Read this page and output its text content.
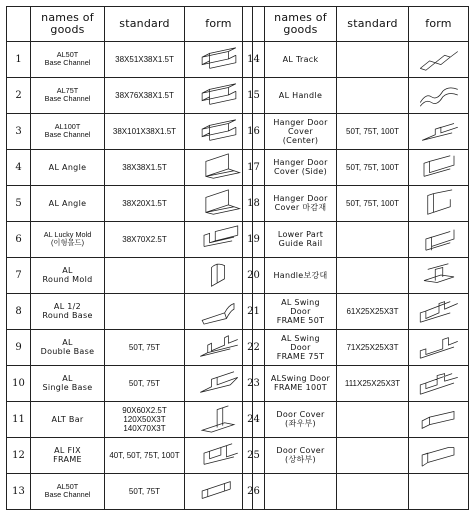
	names of goods	standard	form
1	AL50T
Base Channel	38X51X38X1.5T

2	AL75T
Base Channel	38X76X38X1.5T

3	AL100T
Base Channel	38X101X38X1.5T

4	AL Angle	38X38X1.5T

5	AL Angle	38X20X1.5T

6	AL Lucky Mold
(이형몰드)	38X70X2.5T

7	AL
Round Mold

8	AL 1/2
Round Base

9	AL
Double Base	50T, 75T

10	AL
Single Base	50T, 75T

11	ALT Bar	90X60X2.5T
120X50X3T
140X70X3T

12	AL FIX
FRAME	40T, 50T, 75T, 100T

13	AL50T
Base Channel	50T, 75T

	names of goods	standard	form
14	AL Track

15	AL Handle

16	Hanger Door
Cover
(Center)	50T, 75T, 100T

17	Hanger Door
Cover (Side)	50T, 75T, 100T

18	Hanger Door
Cover 마감재	50T, 75T, 100T

19	Lower Part
Guide Rail

20	Handle보강대

21	AL Swing
Door
FRAME 50T	61X25X25X3T

22	AL Swing
Door
FRAME 75T	71X25X25X3T

23	ALSwing Door
FRAME 100T	111X25X25X3T

24	Door Cover
(좌우부)

25	Door Cover
(상하부)

26	
